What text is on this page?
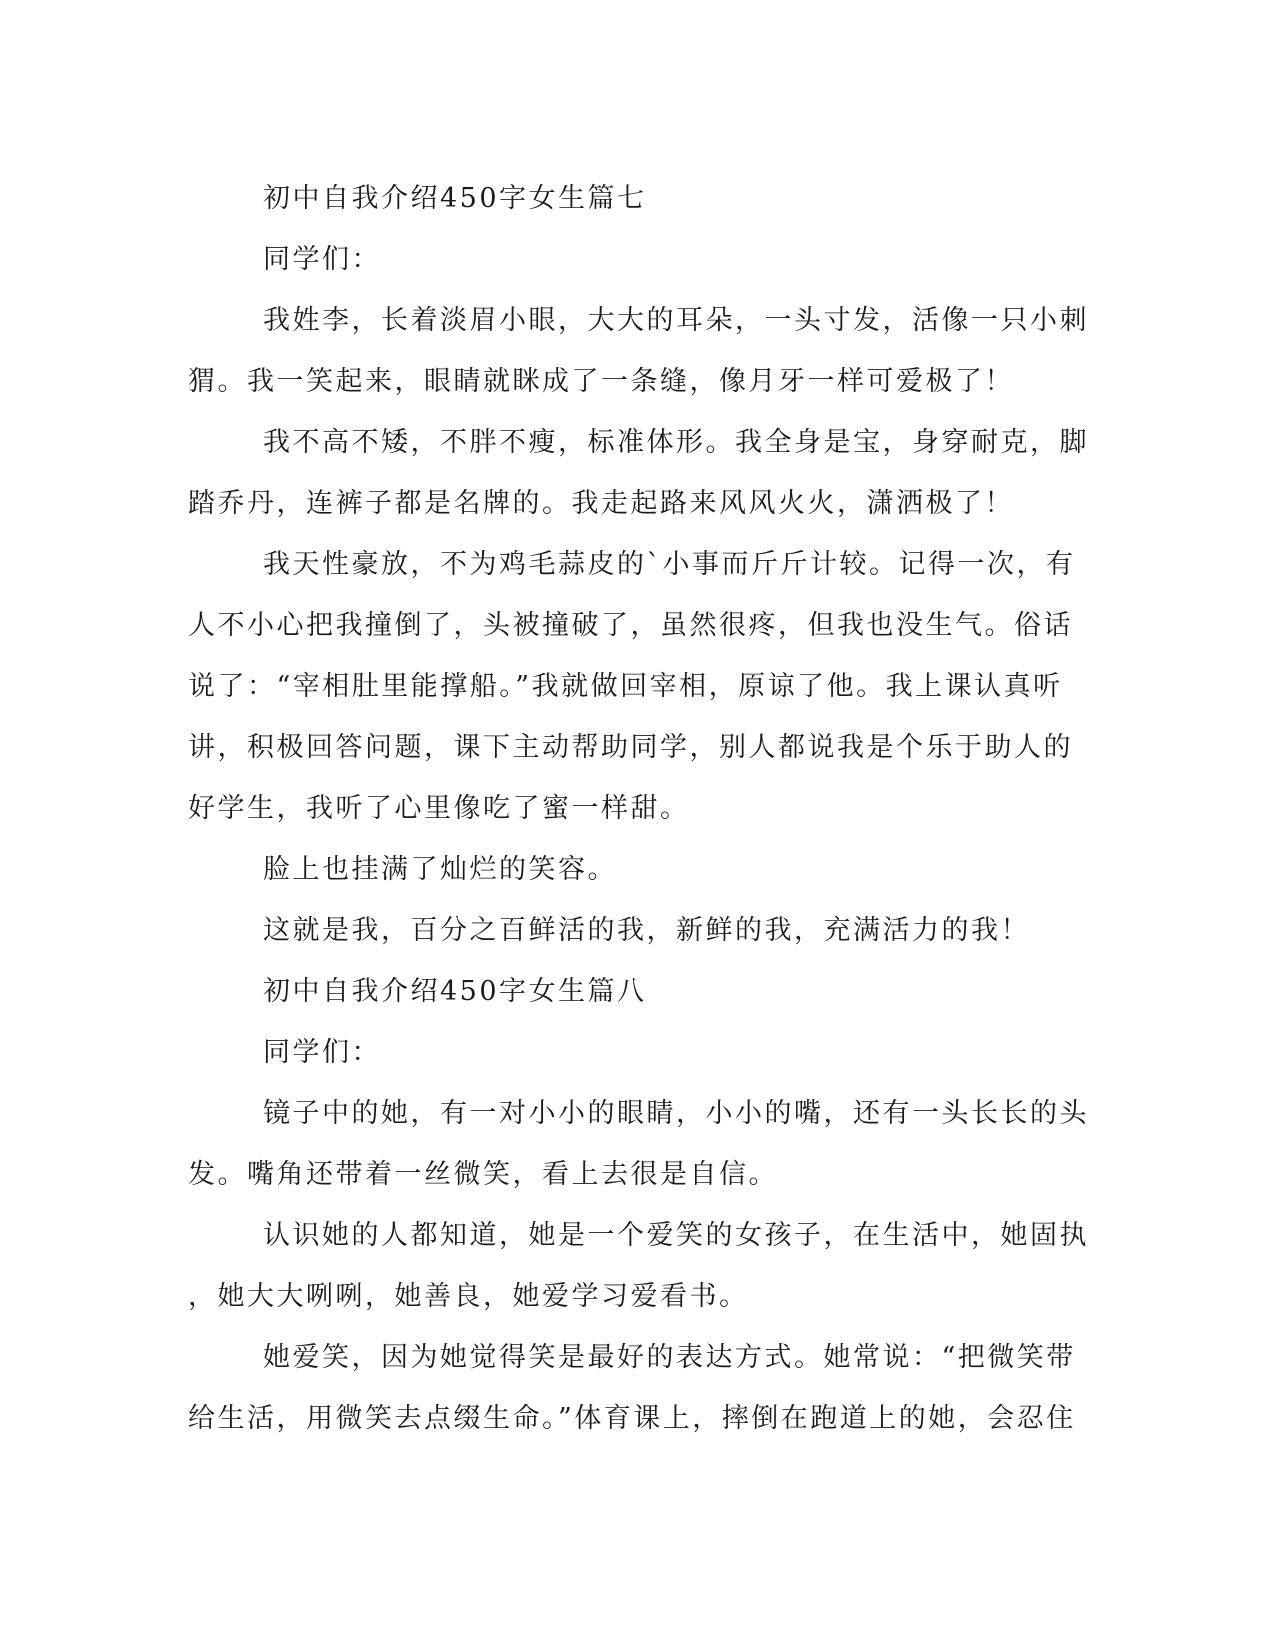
初中自我介绍450字女生篇七
同学们：
我姓李，长着淡眉小眼，大大的耳朵，一头寸发，活像一只小刺
猬。我一笑起来，眼睛就眯成了一条缝，像月牙一样可爱极了！
我不高不矮，不胖不瘦，标准体形。我全身是宝，身穿耐克，脚
踏乔丹，连裤子都是名牌的。我走起路来风风火火，潇洒极了！
我天性豪放，不为鸡毛蒜皮的`小事而斤斤计较。记得一次，有
人不小心把我撞倒了，头被撞破了，虽然很疼，但我也没生气。俗话
说了：“宰相肚里能撑船。”我就做回宰相，原谅了他。我上课认真听
讲，积极回答问题，课下主动帮助同学，别人都说我是个乐于助人的
好学生，我听了心里像吃了蜜一样甜。
脸上也挂满了灿烂的笑容。
这就是我，百分之百鲜活的我，新鲜的我，充满活力的我！
初中自我介绍450字女生篇八
同学们：
镜子中的她，有一对小小的眼睛，小小的嘴，还有一头长长的头
发。嘴角还带着一丝微笑，看上去很是自信。
认识她的人都知道，她是一个爱笑的女孩子，在生活中，她固执
，她大大咧咧，她善良，她爱学习爱看书。
她爱笑，因为她觉得笑是最好的表达方式。她常说：“把微笑带
给生活，用微笑去点缀生命。”体育课上，摔倒在跑道上的她，会忍住
